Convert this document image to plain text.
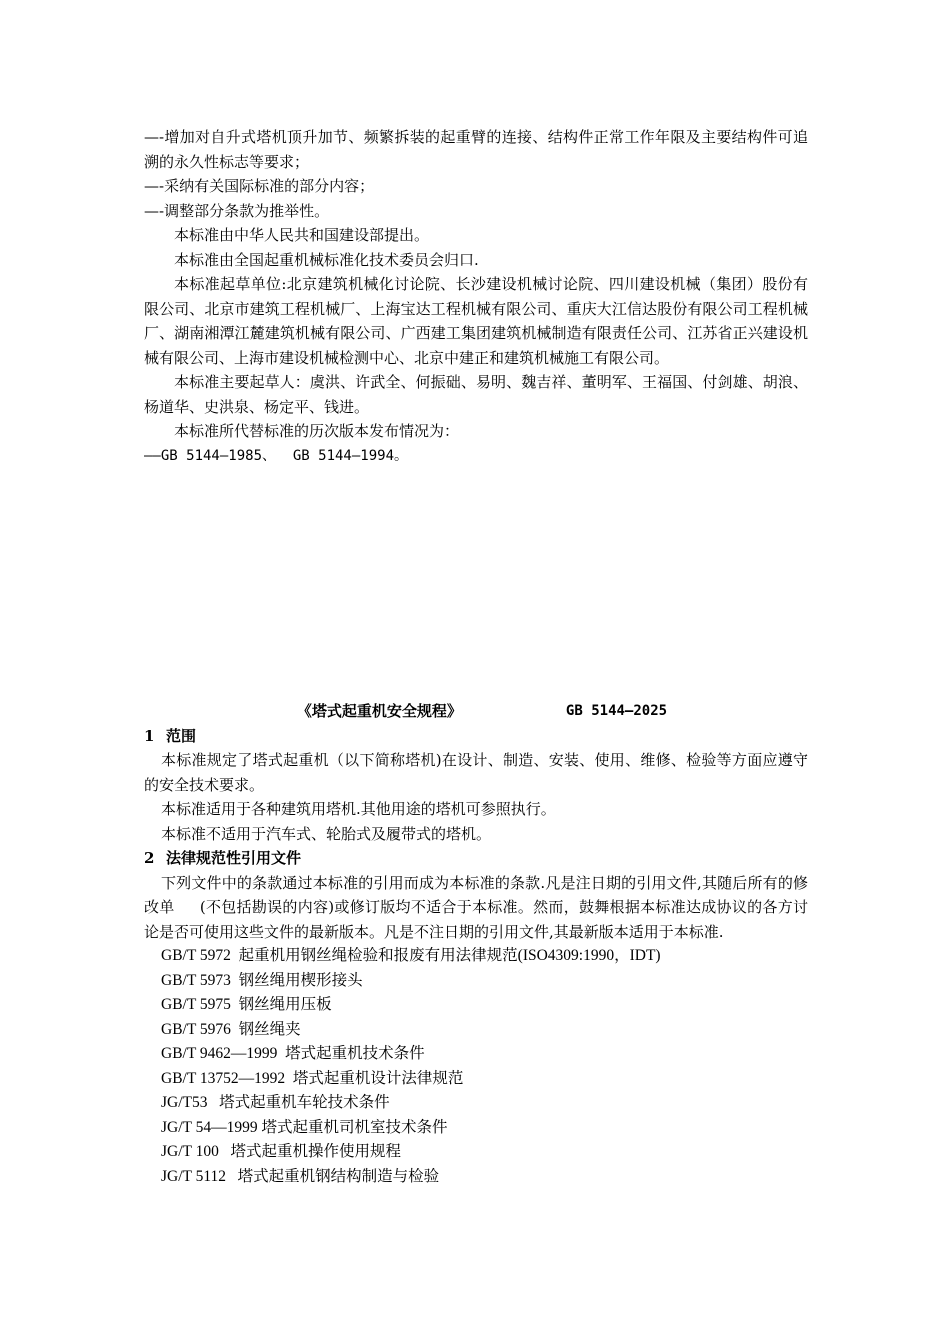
—-增加对自升式塔机顶升加节、频繁拆装的起重臂的连接、结构件正常工作年限及主要结构件可追溯的永久性标志等要求；

—-采纳有关国际标准的部分内容；

—-调整部分条款为推举性。

本标准由中华人民共和国建设部提出。

本标准由全国起重机械标准化技术委员会归口.

本标准起草单位:北京建筑机械化讨论院、长沙建设机械讨论院、四川建设机械（集团）股份有限公司、北京市建筑工程机械厂、上海宝达工程机械有限公司、重庆大江信达股份有限公司工程机械厂、湖南湘潭江麓建筑机械有限公司、广西建工集团建筑机械制造有限责任公司、江苏省正兴建设机械有限公司、上海市建设机械检测中心、北京中建正和建筑机械施工有限公司。

本标准主要起草人：虞洪、许武全、何振础、易明、魏吉祥、董明军、王福国、付剑雄、胡浪、杨道华、史洪泉、杨定平、钱进。

本标准所代替标准的历次版本发布情况为：

——GB 5144—1985、  GB 5144—1994。

《塔式起重机安全规程》	GB 5144—2025

1 范围

本标准规定了塔式起重机（以下简称塔机)在设计、制造、安装、使用、维修、检验等方面应遵守的安全技术要求。

本标准适用于各种建筑用塔机.其他用途的塔机可参照执行。

本标准不适用于汽车式、轮胎式及履带式的塔机。

2 法律规范性引用文件

下列文件中的条款通过本标准的引用而成为本标准的条款.凡是注日期的引用文件,其随后所有的修改单     (不包括勘误的内容)或修订版均不适合于本标准。然而，鼓舞根据本标准达成协议的各方讨论是否可使用这些文件的最新版本。凡是不注日期的引用文件,其最新版本适用于本标准.

GB/T 5972  起重机用钢丝绳检验和报废有用法律规范(ISO4309:1990，IDT)

GB/T 5973  钢丝绳用楔形接头

GB/T 5975  钢丝绳用压板

GB/T 5976  钢丝绳夹

GB/T 9462—1999  塔式起重机技术条件

GB/T 13752—1992  塔式起重机设计法律规范

JG/T53   塔式起重机车轮技术条件

JG/T 54—1999 塔式起重机司机室技术条件

JG/T 100   塔式起重机操作使用规程

JG/T 5112   塔式起重机钢结构制造与检验
